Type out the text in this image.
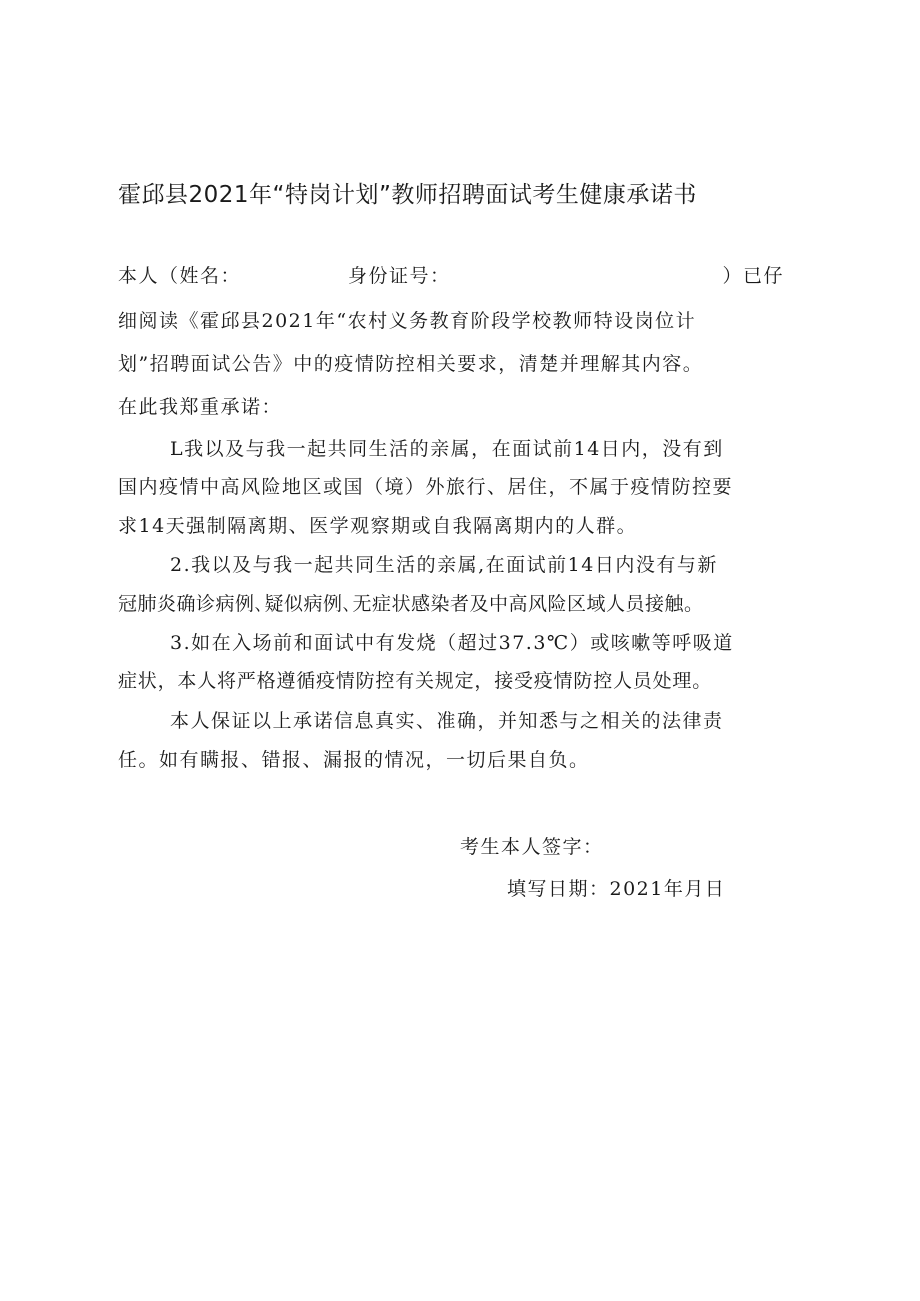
霍邱县2021年“特岗计划”教师招聘面试考生健康承诺书
本人（姓名：	身份证号：	）已仔
细阅读《霍邱县2021年“农村义务教育阶段学校教师特设岗位计
划”招聘面试公告》中的疫情防控相关要求，清楚并理解其内容。
在此我郑重承诺：
L我以及与我一起共同生活的亲属，在面试前14日内，没有到
国内疫情中高风险地区或国（境）外旅行、居住，不属于疫情防控要
求14天强制隔离期、医学观察期或自我隔离期内的人群。
2.我以及与我一起共同生活的亲属,在面试前14日内没有与新
冠肺炎确诊病例､疑似病例､无症状感染者及中高风险区域人员接触。
3.如在入场前和面试中有发烧（超过37.3℃）或咳嗽等呼吸道
症状，本人将严格遵循疫情防控有关规定，接受疫情防控人员处理。
本人保证以上承诺信息真实、准确，并知悉与之相关的法律责
任。如有瞒报、错报、漏报的情况，一切后果自负。
考生本人签字：
填写日期：2021年月日
